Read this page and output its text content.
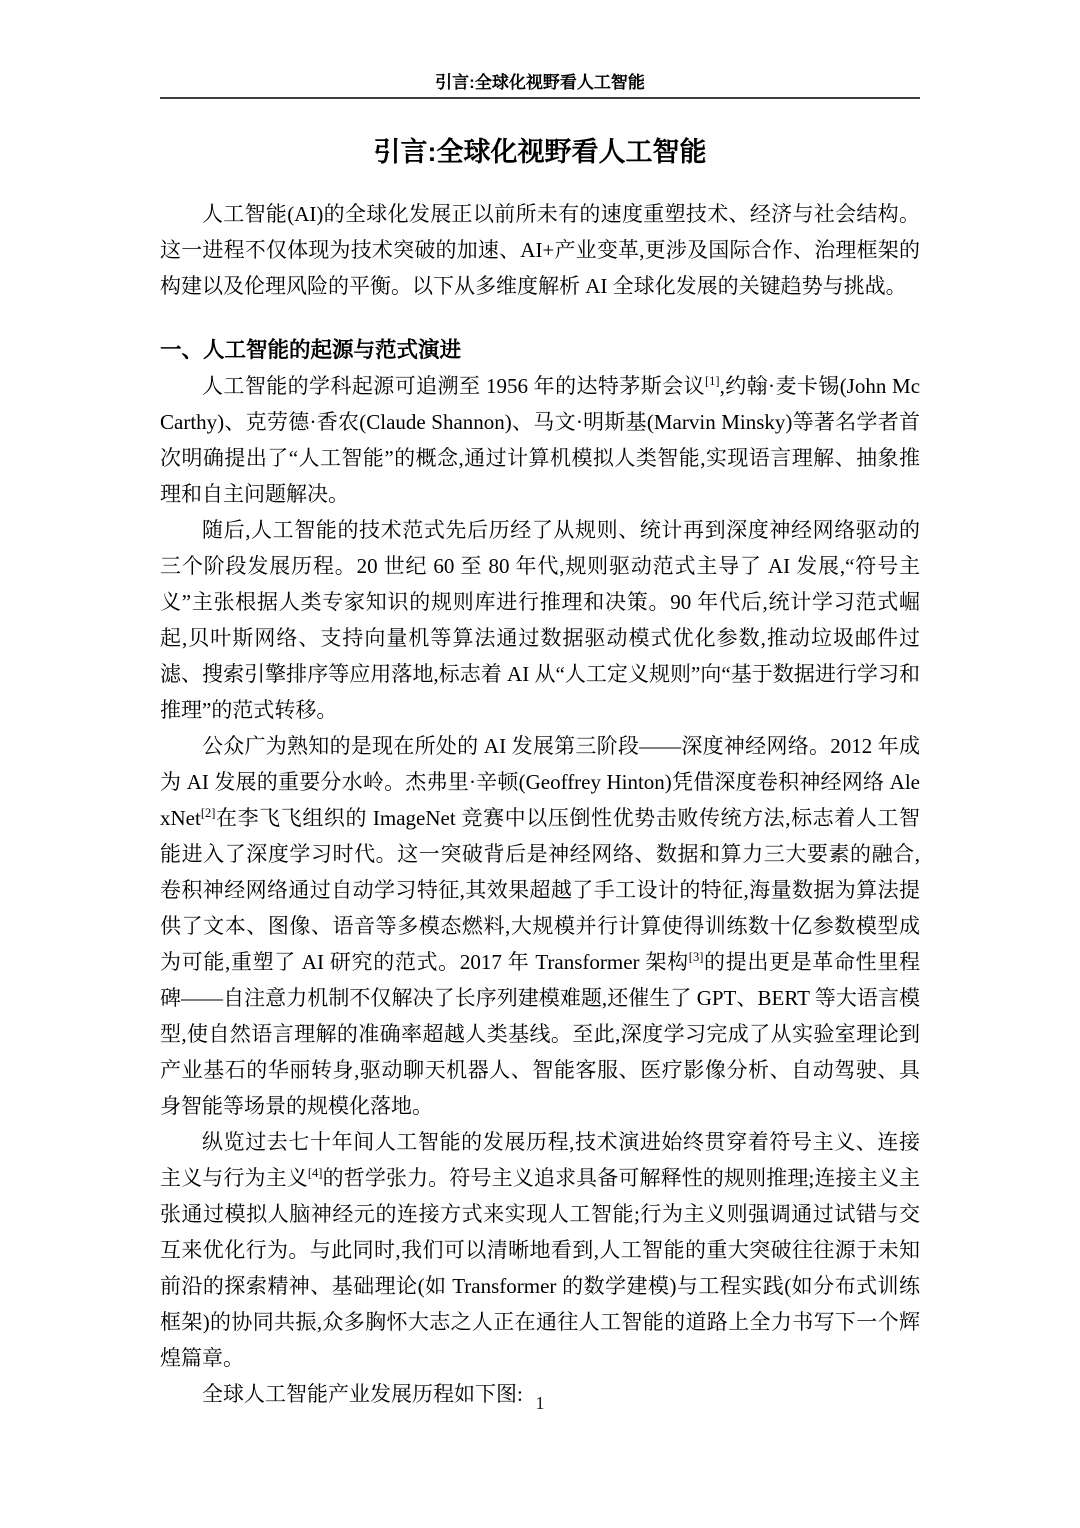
引言:全球化视野看人工智能
引言:全球化视野看人工智能

人工智能(AI)的全球化发展正以前所未有的速度重塑技术、经济与社会结构。这一进程不仅体现为技术突破的加速、AI+产业变革,更涉及国际合作、治理框架的构建以及伦理风险的平衡。以下从多维度解析 AI 全球化发展的关键趋势与挑战。

一、人工智能的起源与范式演进

人工智能的学科起源可追溯至 1956 年的达特茅斯会议[1],约翰·麦卡锡(John McCarthy)、克劳德·香农(Claude Shannon)、马文·明斯基(Marvin Minsky)等著名学者首次明确提出了“人工智能”的概念,通过计算机模拟人类智能,实现语言理解、抽象推理和自主问题解决。

随后,人工智能的技术范式先后历经了从规则、统计再到深度神经网络驱动的三个阶段发展历程。20 世纪 60 至 80 年代,规则驱动范式主导了 AI 发展,“符号主义”主张根据人类专家知识的规则库进行推理和决策。90 年代后,统计学习范式崛起,贝叶斯网络、支持向量机等算法通过数据驱动模式优化参数,推动垃圾邮件过滤、搜索引擎排序等应用落地,标志着 AI 从“人工定义规则”向“基于数据进行学习和推理”的范式转移。

公众广为熟知的是现在所处的 AI 发展第三阶段——深度神经网络。2012 年成为 AI 发展的重要分水岭。杰弗里·辛顿(Geoffrey Hinton)凭借深度卷积神经网络 AlexNet[2]在李飞飞组织的 ImageNet 竞赛中以压倒性优势击败传统方法,标志着人工智能进入了深度学习时代。这一突破背后是神经网络、数据和算力三大要素的融合,卷积神经网络通过自动学习特征,其效果超越了手工设计的特征,海量数据为算法提供了文本、图像、语音等多模态燃料,大规模并行计算使得训练数十亿参数模型成为可能,重塑了 AI 研究的范式。2017 年 Transformer 架构[3]的提出更是革命性里程碑——自注意力机制不仅解决了长序列建模难题,还催生了 GPT、BERT 等大语言模型,使自然语言理解的准确率超越人类基线。至此,深度学习完成了从实验室理论到产业基石的华丽转身,驱动聊天机器人、智能客服、医疗影像分析、自动驾驶、具身智能等场景的规模化落地。

纵览过去七十年间人工智能的发展历程,技术演进始终贯穿着符号主义、连接主义与行为主义[4]的哲学张力。符号主义追求具备可解释性的规则推理;连接主义主张通过模拟人脑神经元的连接方式来实现人工智能;行为主义则强调通过试错与交互来优化行为。与此同时,我们可以清晰地看到,人工智能的重大突破往往源于未知前沿的探索精神、基础理论(如 Transformer 的数学建模)与工程实践(如分布式训练框架)的协同共振,众多胸怀大志之人正在通往人工智能的道路上全力书写下一个辉煌篇章。

全球人工智能产业发展历程如下图: 1
